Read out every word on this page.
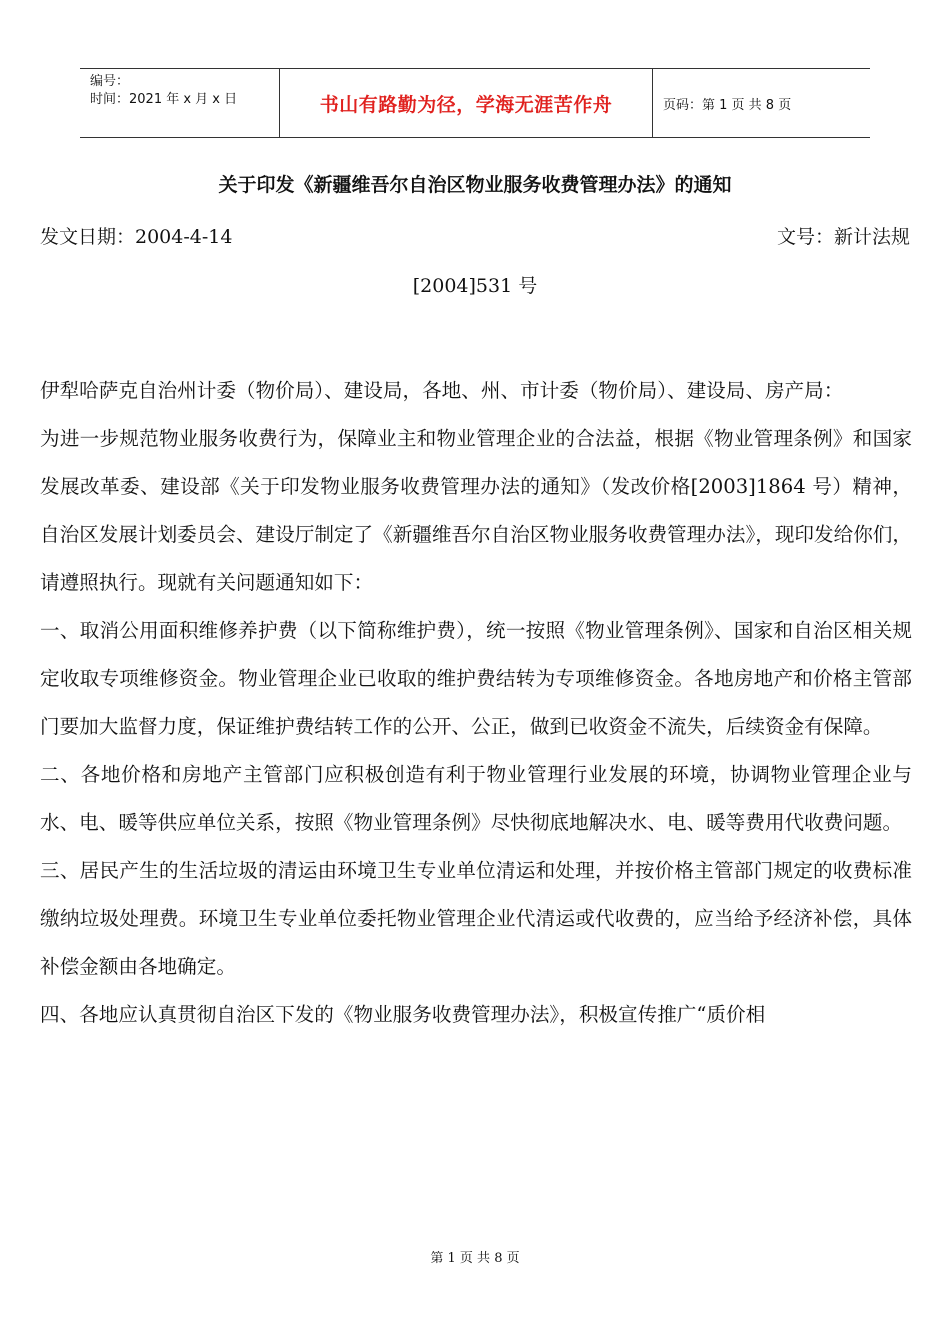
编号：
时间：2021 年 x 月 x 日	书山有路勤为径，学海无涯苦作舟	页码：第 1 页 共 8 页
关于印发《新疆维吾尔自治区物业服务收费管理办法》的通知
发文日期：2004-4-14	文号：新计法规
[2004]531 号

伊犁哈萨克自治州计委（物价局）、建设局，各地、州、市计委（物价局）、建设局、房产局：

为进一步规范物业服务收费行为，保障业主和物业管理企业的合法益，根据《物业管理条例》和国家发展改革委、建设部《关于印发物业服务收费管理办法的通知》（发改价格[2003]1864 号）精神，自治区发展计划委员会、建设厅制定了《新疆维吾尔自治区物业服务收费管理办法》，现印发给你们，请遵照执行。现就有关问题通知如下：

一、取消公用面积维修养护费（以下简称维护费），统一按照《物业管理条例》、国家和自治区相关规定收取专项维修资金。物业管理企业已收取的维护费结转为专项维修资金。各地房地产和价格主管部门要加大监督力度，保证维护费结转工作的公开、公正，做到已收资金不流失，后续资金有保障。

二、各地价格和房地产主管部门应积极创造有利于物业管理行业发展的环境，协调物业管理企业与水、电、暖等供应单位关系，按照《物业管理条例》尽快彻底地解决水、电、暖等费用代收费问题。

三、居民产生的生活垃圾的清运由环境卫生专业单位清运和处理，并按价格主管部门规定的收费标准缴纳垃圾处理费。环境卫生专业单位委托物业管理企业代清运或代收费的，应当给予经济补偿，具体补偿金额由各地确定。

四、各地应认真贯彻自治区下发的《物业服务收费管理办法》，积极宣传推广“质价相

第 1 页 共 8 页
